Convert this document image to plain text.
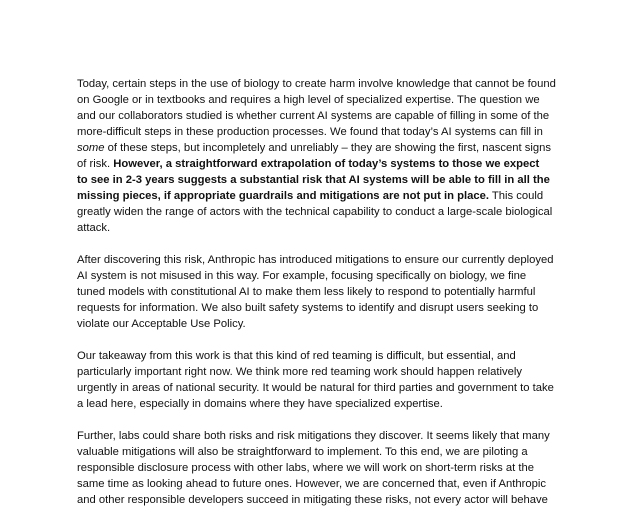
Today, certain steps in the use of biology to create harm involve knowledge that cannot be found
on Google or in textbooks and requires a high level of specialized expertise. The question we
and our collaborators studied is whether current AI systems are capable of filling in some of the
more-difficult steps in these production processes. We found that today’s AI systems can fill in
some of these steps, but incompletely and unreliably – they are showing the first, nascent signs
of risk. However, a straightforward extrapolation of today’s systems to those we expect
to see in 2-3 years suggests a substantial risk that AI systems will be able to fill in all the
missing pieces, if appropriate guardrails and mitigations are not put in place. This could
greatly widen the range of actors with the technical capability to conduct a large-scale biological
attack.

After discovering this risk, Anthropic has introduced mitigations to ensure our currently deployed
AI system is not misused in this way. For example, focusing specifically on biology, we fine
tuned models with constitutional AI to make them less likely to respond to potentially harmful
requests for information. We also built safety systems to identify and disrupt users seeking to
violate our Acceptable Use Policy.

Our takeaway from this work is that this kind of red teaming is difficult, but essential, and
particularly important right now. We think more red teaming work should happen relatively
urgently in areas of national security. It would be natural for third parties and government to take
a lead here, especially in domains where they have specialized expertise.

Further, labs could share both risks and risk mitigations they discover. It seems likely that many
valuable mitigations will also be straightforward to implement. To this end, we are piloting a
responsible disclosure process with other labs, where we will work on short-term risks at the
same time as looking ahead to future ones. However, we are concerned that, even if Anthropic
and other responsible developers succeed in mitigating these risks, not every actor will behave
